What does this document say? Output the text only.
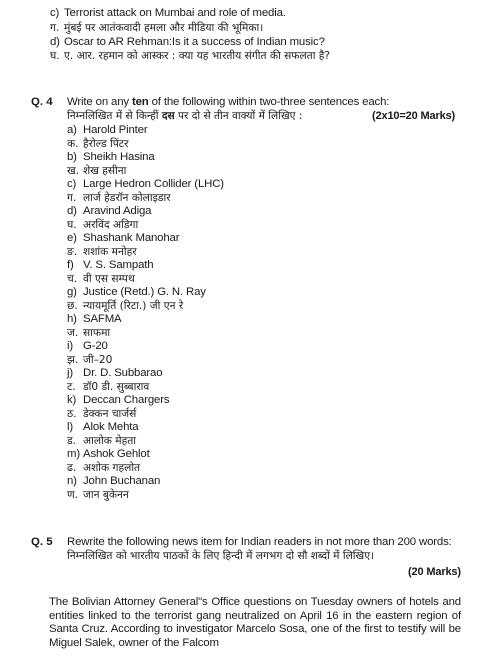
c) Terrorist attack on Mumbai and role of media.
ग. मुंबई पर आतंकवादी हमला और मीडिया की भूमिका।
d) Oscar to AR Rehman:Is it a success of Indian music?
घ. ए. आर. रहमान को आस्कर : क्या यह भारतीय संगीत की सफलता है?
Q. 4 Write on any ten of the following within two-three sentences each:
निम्नलिखित में से किन्हीं दस पर दो से तीन वाक्यों में लिखिए :	(2x10=20 Marks)
a) Harold Pinter
क. हैरोल्ड पिंटर
b) Sheikh Hasina
ख. शेख हसीना
c) Large Hedron Collider (LHC)
ग. लार्ज हेडरॉन कोलाइडार
d) Aravind Adiga
घ. अरविंद अडिगा
e) Shashank Manohar
ङ. शशांक मनोहर
f) V. S. Sampath
च. वी एस सम्पथ
g) Justice (Retd.) G. N. Ray
छ. न्यायमूर्ति (रिटा.) जी एन रे
h) SAFMA
ज. साफमा
i) G-20
झ. जी–20
j) Dr. D. Subbarao
ट. डॉ0 डी. सुब्बाराव
k) Deccan Chargers
ठ. डेक्कन चार्जर्स
l) Alok Mehta
ड. आलोक मेहता
m) Ashok Gehlot
ढ. अशोक गहलोत
n) John Buchanan
ण. जान बुकेनन
Q. 5 Rewrite the following news item for Indian readers in not more than 200 words:
निम्नलिखित को भारतीय पाठकों के लिए हिन्दी में लगभग दो सौ शब्दों में लिखिए।
(20 Marks)
The Bolivian Attorney General"s Office questions on Tuesday owners of hotels and entities linked to the terrorist gang neutralized on April 16 in the eastern region of Santa Cruz. According to investigator Marcelo Sosa, one of the first to testify will be Miguel Salek, owner of the Falcom
